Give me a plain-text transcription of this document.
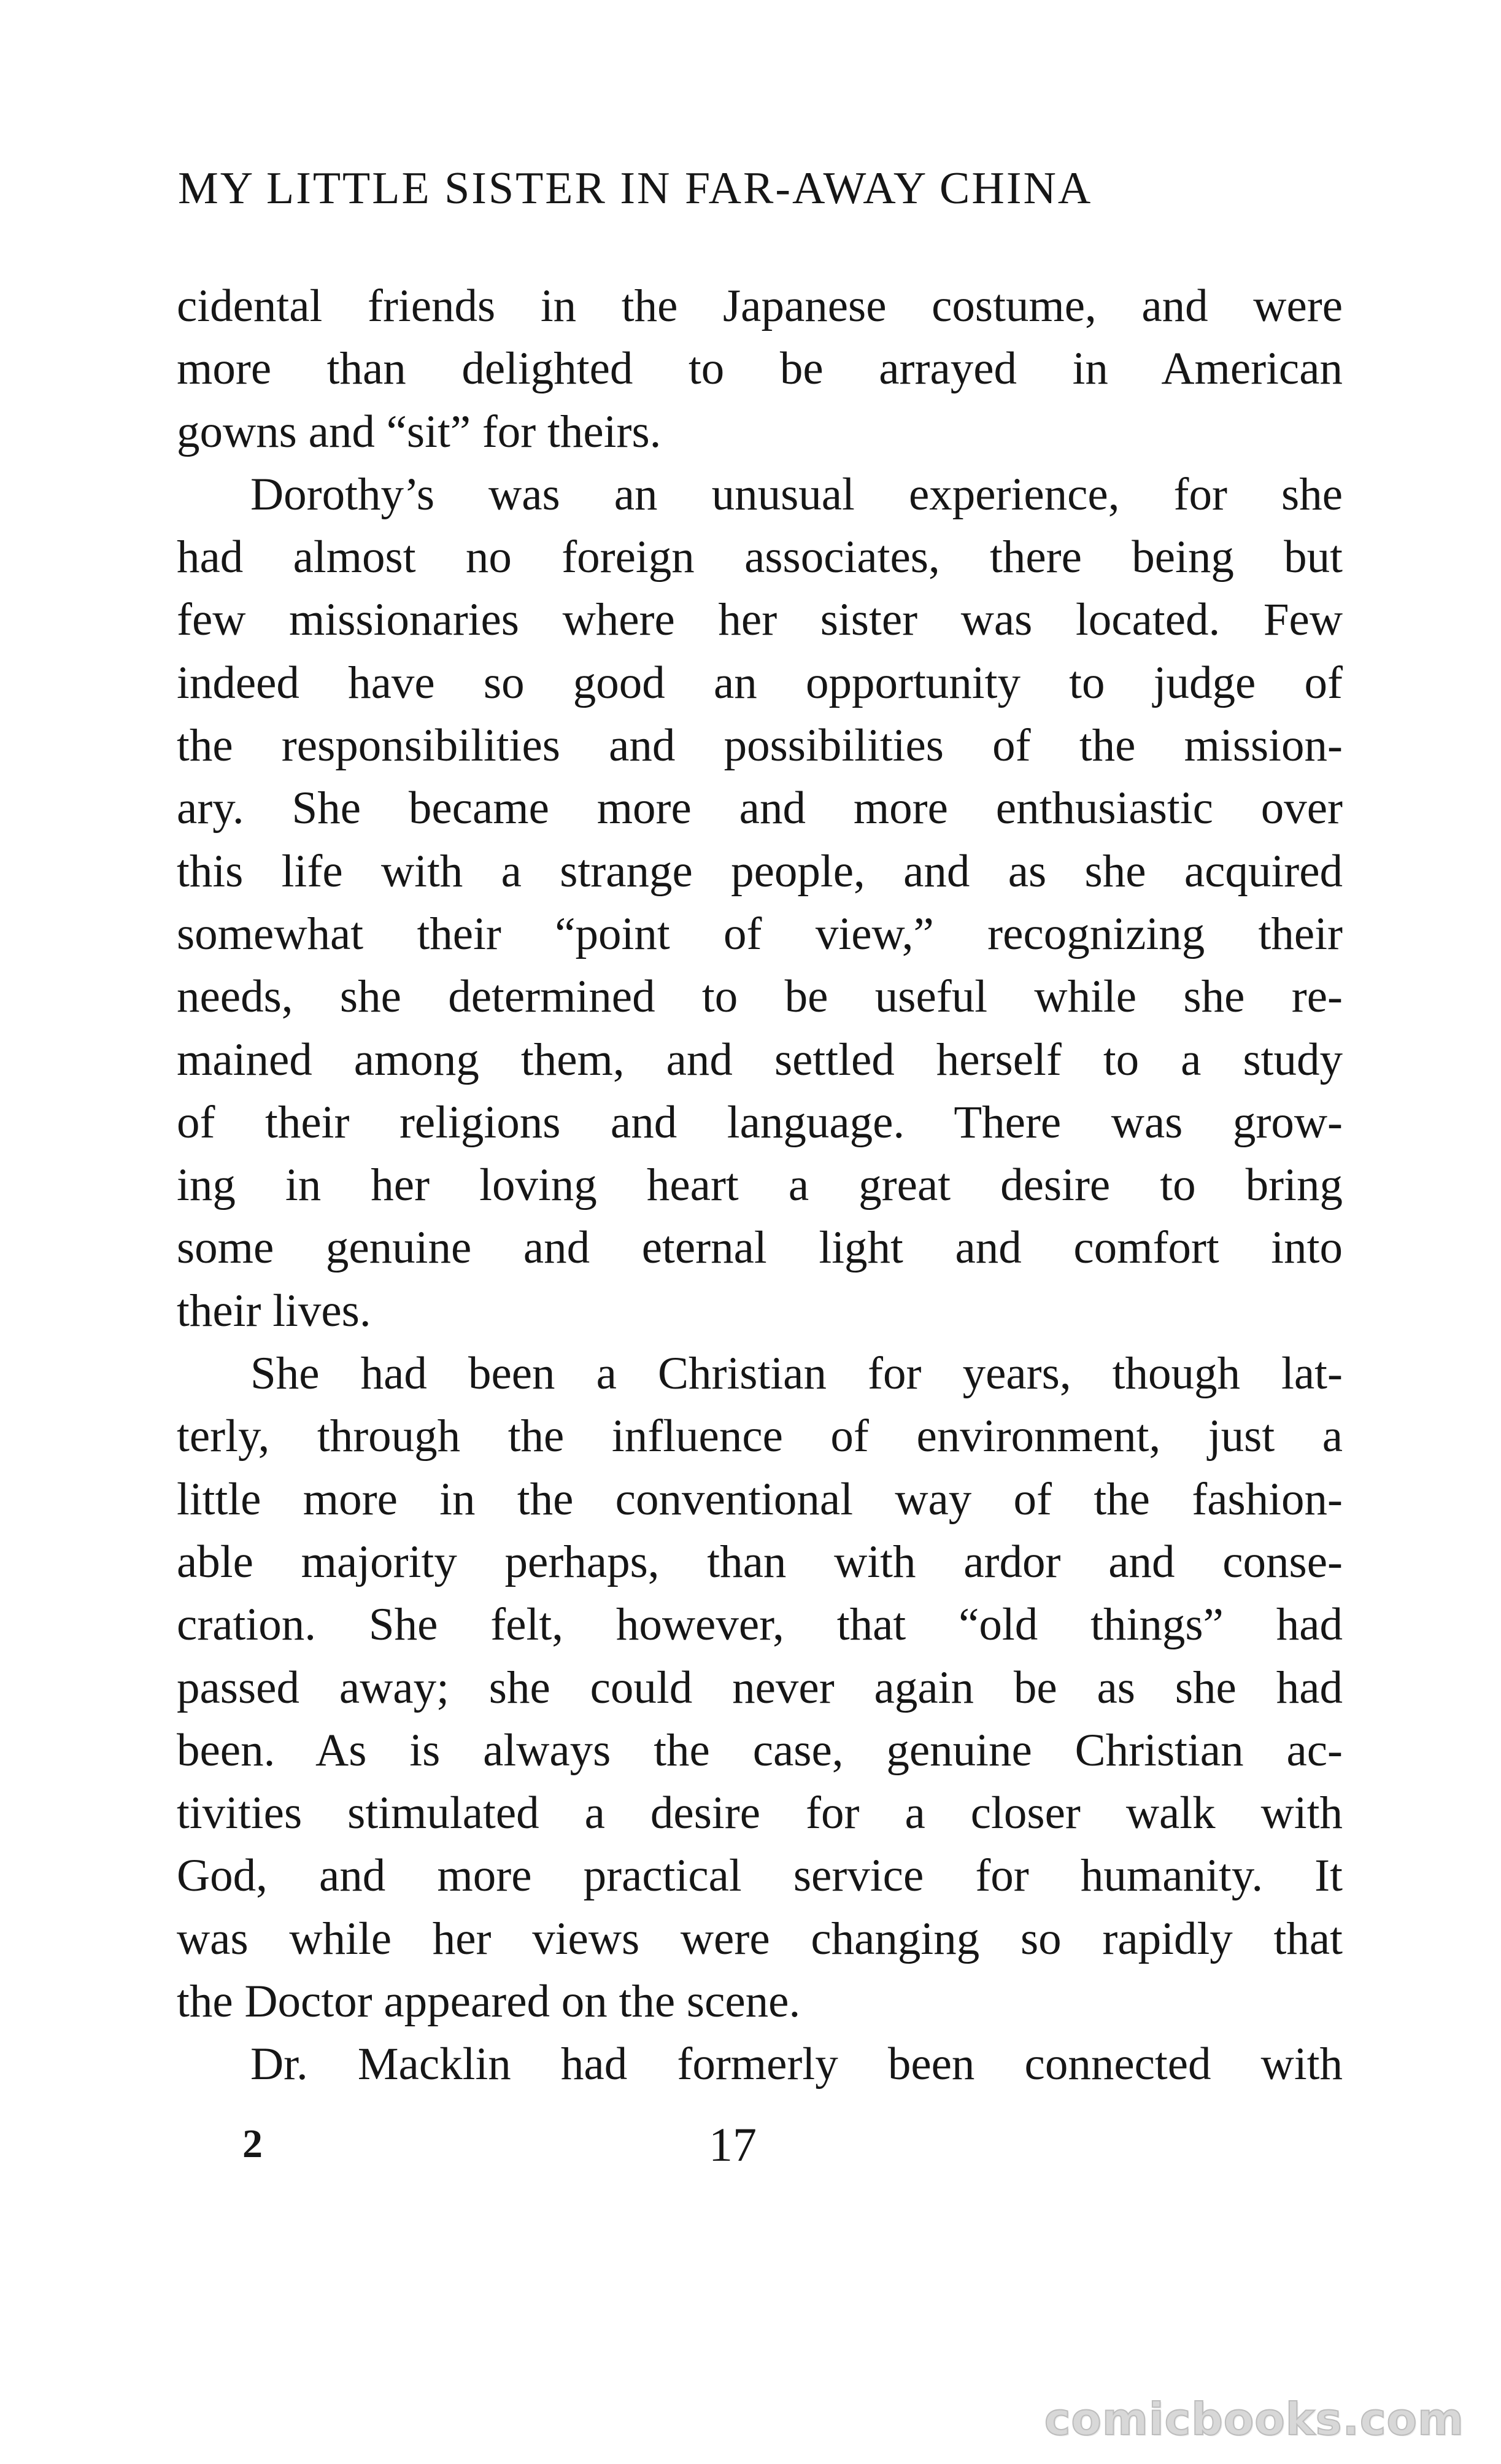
MY LITTLE SISTER IN FAR-AWAY CHINA
cidental friends in the Japanese costume, and were
more than delighted to be arrayed in American
gowns and “sit” for theirs.
Dorothy’s was an unusual experience, for she
had almost no foreign associates, there being but
few missionaries where her sister was located. Few
indeed have so good an opportunity to judge of
the responsibilities and possibilities of the mission-
ary. She became more and more enthusiastic over
this life with a strange people, and as she acquired
somewhat their “point of view,” recognizing their
needs, she determined to be useful while she re-
mained among them, and settled herself to a study
of their religions and language. There was grow-
ing in her loving heart a great desire to bring
some genuine and eternal light and comfort into
their lives.
She had been a Christian for years, though lat-
terly, through the influence of environment, just a
little more in the conventional way of the fashion-
able majority perhaps, than with ardor and conse-
cration. She felt, however, that “old things” had
passed away; she could never again be as she had
been. As is always the case, genuine Christian ac-
tivities stimulated a desire for a closer walk with
God, and more practical service for humanity. It
was while her views were changing so rapidly that
the Doctor appeared on the scene.
Dr. Macklin had formerly been connected with
2	17
comicbooks.com
